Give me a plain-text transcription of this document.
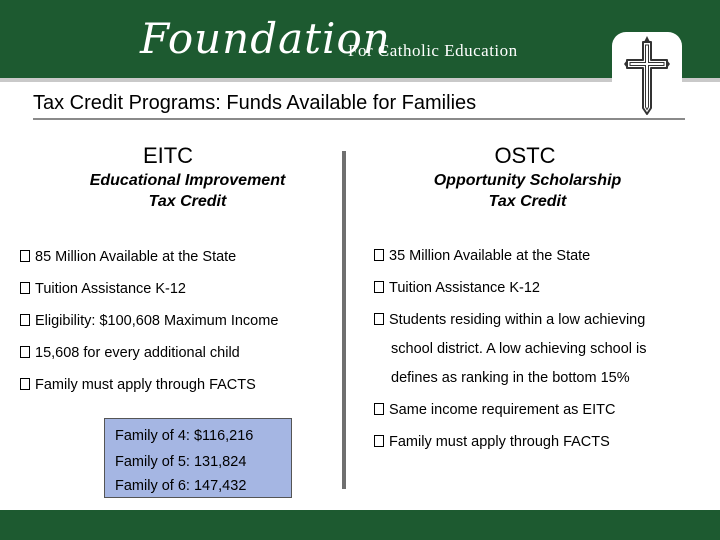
Foundation
For Catholic Education
Tax Credit Programs: Funds Available for Families
EITC
Educational Improvement
Tax Credit
85 Million Available at the State
Tuition Assistance K-12
Eligibility: $100,608 Maximum Income
15,608 for every additional child
Family must apply through FACTS
Family of 4: $116,216
Family of 5: 131,824
Family of 6: 147,432
OSTC
Opportunity Scholarship
Tax Credit
35 Million Available at the State
Tuition Assistance K-12
Students residing within a low achieving
school district. A low achieving school is
defines as ranking in the bottom 15%
Same income requirement as EITC
Family must apply through FACTS
